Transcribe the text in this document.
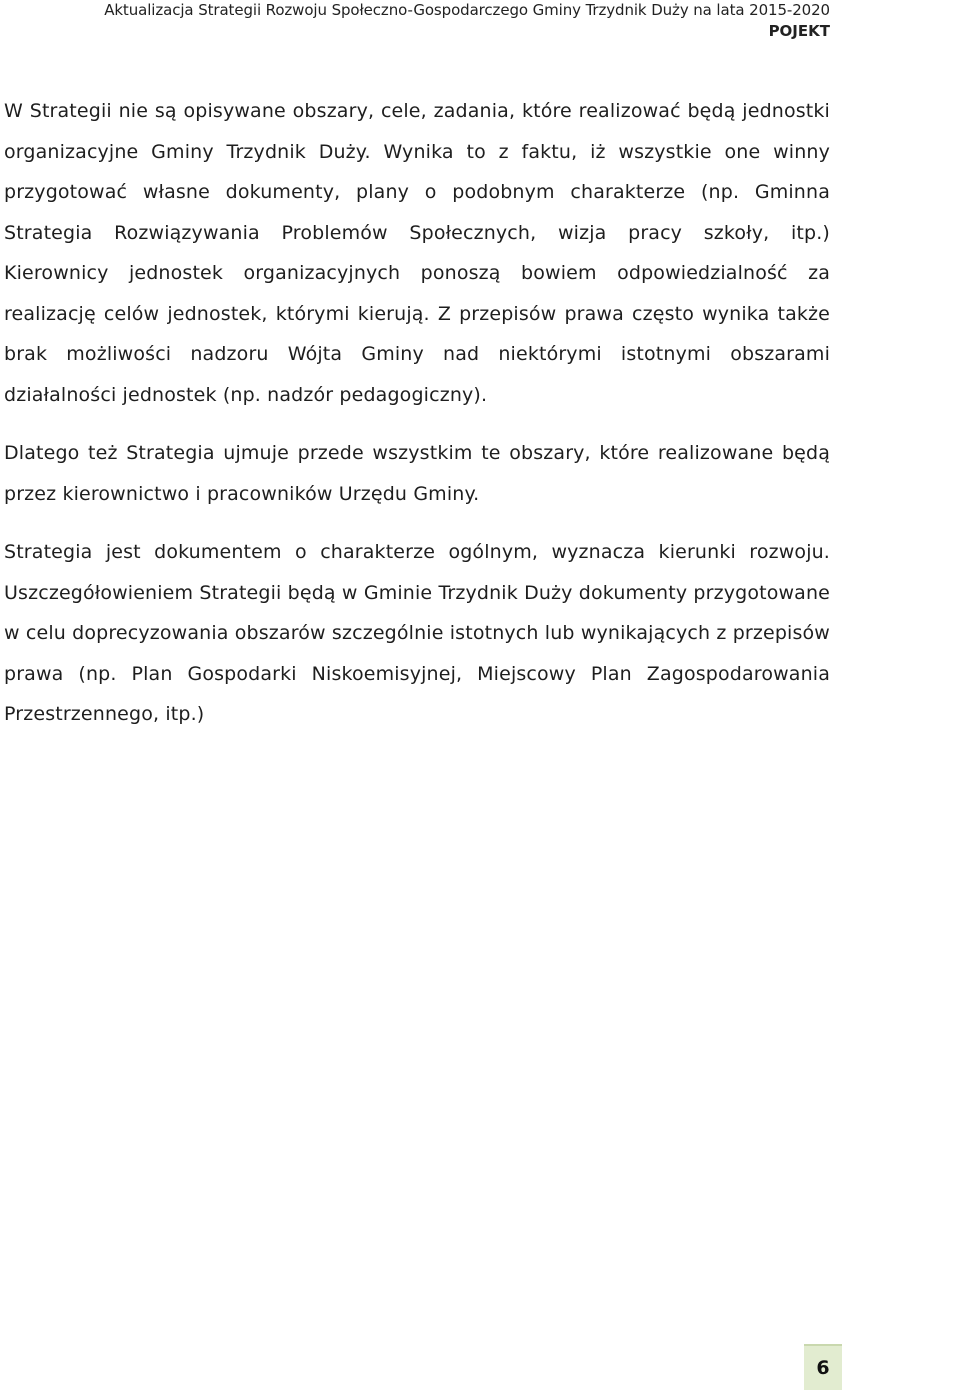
Aktualizacja Strategii Rozwoju Społeczno-Gospodarczego Gminy Trzydnik Duży na lata 2015-2020
POJEKT

W Strategii nie są opisywane obszary, cele, zadania, które realizować będą jednostki organizacyjne Gminy Trzydnik Duży. Wynika to z faktu, iż wszystkie one winny przygotować własne dokumenty, plany o podobnym charakterze (np. Gminna Strategia Rozwiązywania Problemów Społecznych, wizja pracy szkoły, itp.) Kierownicy jednostek organizacyjnych ponoszą bowiem odpowiedzialność za realizację celów jednostek, którymi kierują. Z przepisów prawa często wynika także brak możliwości nadzoru Wójta Gminy nad niektórymi istotnymi obszarami działalności jednostek (np. nadzór pedagogiczny).

Dlatego też Strategia ujmuje przede wszystkim te obszary, które realizowane będą przez kierownictwo i pracowników Urzędu Gminy.

Strategia jest dokumentem o charakterze ogólnym, wyznacza kierunki rozwoju. Uszczegółowieniem Strategii będą w Gminie Trzydnik Duży dokumenty przygotowane w celu doprecyzowania obszarów szczególnie istotnych lub wynikających z przepisów prawa (np. Plan Gospodarki Niskoemisyjnej, Miejscowy Plan Zagospodarowania Przestrzennego, itp.)

6
